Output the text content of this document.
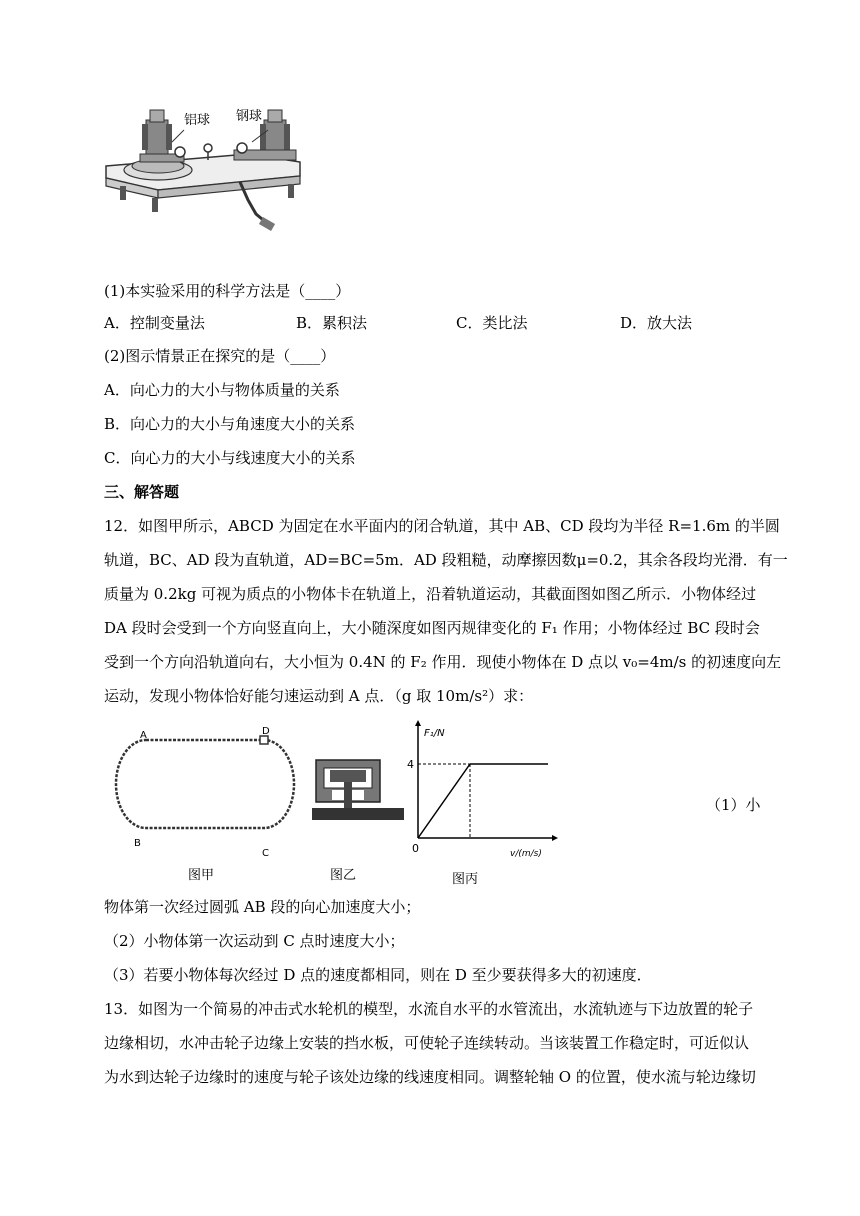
铝球 钢球
(1)本实验采用的科学方法是（____）
A．控制变量法	B．累积法	C．类比法	D．放大法
(2)图示情景正在探究的是（____）
A．向心力的大小与物体质量的关系
B．向心力的大小与角速度大小的关系
C．向心力的大小与线速度大小的关系
三、解答题
12．如图甲所示，ABCD 为固定在水平面内的闭合轨道，其中 AB、CD 段均为半径 R=1.6m 的半圆
轨道，BC、AD 段为直轨道，AD=BC=5m．AD 段粗糙，动摩擦因数μ=0.2，其余各段均光滑．有一
质量为 0.2kg 可视为质点的小物体卡在轨道上，沿着轨道运动，其截面图如图乙所示．小物体经过
DA 段时会受到一个方向竖直向上，大小随深度如图丙规律变化的 F₁ 作用；小物体经过 BC 段时会
受到一个方向沿轨道向右，大小恒为 0.4N 的 F₂ 作用．现使小物体在 D 点以 v₀=4m/s 的初速度向左
运动，发现小物体恰好能匀速运动到 A 点．（g 取 10m/s²）求：
A	D
B
C
图甲	图乙
F₁/N
4
0	v/(m/s)
图丙
（1）小
物体第一次经过圆弧 AB 段的向心加速度大小；
（2）小物体第一次运动到 C 点时速度大小；
（3）若要小物体每次经过 D 点的速度都相同，则在 D 至少要获得多大的初速度．
13．如图为一个简易的冲击式水轮机的模型，水流自水平的水管流出，水流轨迹与下边放置的轮子
边缘相切，水冲击轮子边缘上安装的挡水板，可使轮子连续转动。当该装置工作稳定时，可近似认
为水到达轮子边缘时的速度与轮子该处边缘的线速度相同。调整轮轴 O 的位置，使水流与轮边缘切
